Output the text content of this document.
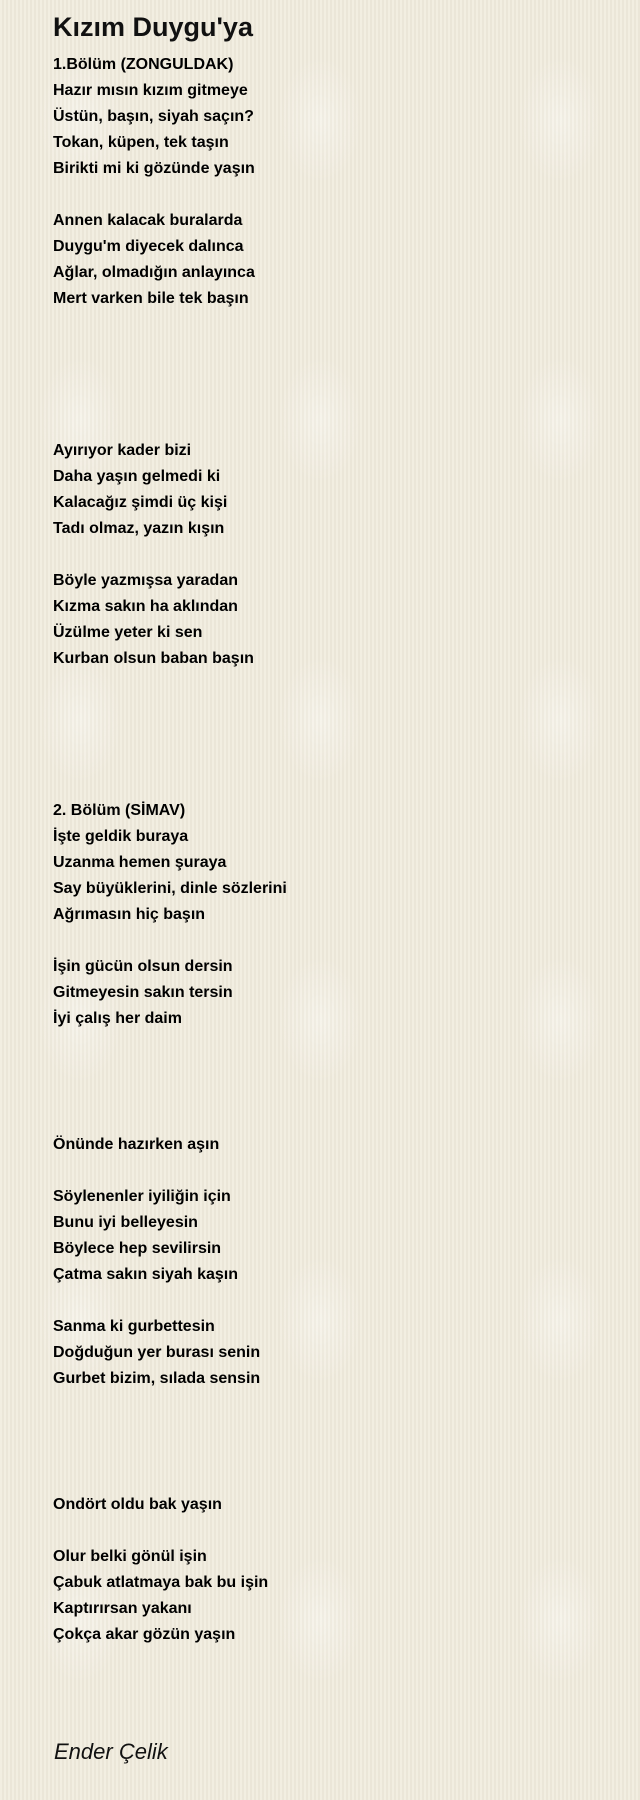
Kızım Duygu'ya
1.Bölüm (ZONGULDAK)
Hazır mısın kızım gitmeye
Üstün, başın, siyah saçın?
Tokan, küpen, tek taşın
Birikti mi ki gözünde yaşın
Annen kalacak buralarda
Duygu'm diyecek dalınca
Ağlar, olmadığın anlayınca
Mert varken bile tek başın
Ayırıyor kader bizi
Daha yaşın gelmedi ki
Kalacağız şimdi üç kişi
Tadı olmaz, yazın kışın
Böyle yazmışsa yaradan
Kızma sakın ha aklından
Üzülme yeter ki sen
Kurban olsun baban başın
2. Bölüm (SİMAV)
İşte geldik buraya
Uzanma hemen şuraya
Say büyüklerini, dinle sözlerini
Ağrımasın hiç başın
İşin gücün olsun dersin
Gitmeyesin sakın tersin
İyi çalış her daim
Önünde hazırken aşın
Söylenenler iyiliğin için
Bunu iyi belleyesin
Böylece hep sevilirsin
Çatma sakın siyah kaşın
Sanma ki gurbettesin
Doğduğun yer burası senin
Gurbet bizim, sılada sensin
Ondört oldu bak yaşın
Olur belki gönül işin
Çabuk atlatmaya bak bu işin
Kaptırırsan yakanı
Çokça akar gözün yaşın
Ender Çelik
